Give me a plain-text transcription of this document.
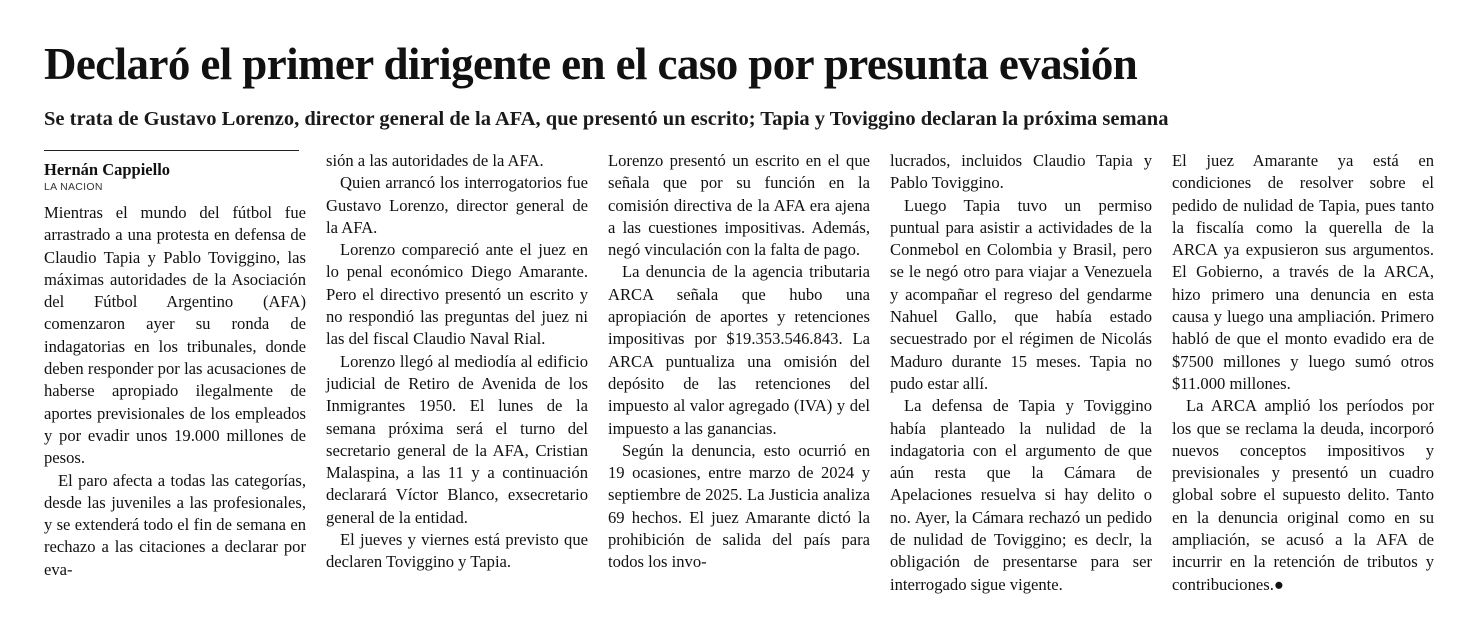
Declaró el primer dirigente en el caso por presunta evasión
Se trata de Gustavo Lorenzo, director general de la AFA, que presentó un escrito; Tapia y Toviggino declaran la próxima semana
Hernán Cappiello
LA NACION

Mientras el mundo del fútbol fue arrastrado a una protesta en defensa de Claudio Tapia y Pablo Toviggino, las máximas autoridades de la Asociación del Fútbol Argentino (AFA) comenzaron ayer su ronda de indagatorias en los tribunales, donde deben responder por las acusaciones de haberse apropiado ilegalmente de aportes previsionales de los empleados y por evadir unos 19.000 millones de pesos.

El paro afecta a todas las categorías, desde las juveniles a las profesionales, y se extenderá todo el fin de semana en rechazo a las citaciones a declarar por eva-

sión a las autoridades de la AFA.

Quien arrancó los interrogatorios fue Gustavo Lorenzo, director general de la AFA.

Lorenzo compareció ante el juez en lo penal económico Diego Amarante. Pero el directivo presentó un escrito y no respondió las preguntas del juez ni las del fiscal Claudio Naval Rial.

Lorenzo llegó al mediodía al edificio judicial de Retiro de Avenida de los Inmigrantes 1950. El lunes de la semana próxima será el turno del secretario general de la AFA, Cristian Malaspina, a las 11 y a continuación declarará Víctor Blanco, exsecretario general de la entidad.

El jueves y viernes está previsto que declaren Toviggino y Tapia.

Lorenzo presentó un escrito en el que señala que por su función en la comisión directiva de la AFA era ajena a las cuestiones impositivas. Además, negó vinculación con la falta de pago.

La denuncia de la agencia tributaria ARCA señala que hubo una apropiación de aportes y retenciones impositivas por $19.353.546.843. La ARCA puntualiza una omisión del depósito de las retenciones del impuesto al valor agregado (IVA) y del impuesto a las ganancias.

Según la denuncia, esto ocurrió en 19 ocasiones, entre marzo de 2024 y septiembre de 2025. La Justicia analiza 69 hechos. El juez Amarante dictó la prohibición de salida del país para todos los invo-

lucrados, incluidos Claudio Tapia y Pablo Toviggino.

Luego Tapia tuvo un permiso puntual para asistir a actividades de la Conmebol en Colombia y Brasil, pero se le negó otro para viajar a Venezuela y acompañar el regreso del gendarme Nahuel Gallo, que había estado secuestrado por el régimen de Nicolás Maduro durante 15 meses. Tapia no pudo estar allí.

La defensa de Tapia y Toviggino había planteado la nulidad de la indagatoria con el argumento de que aún resta que la Cámara de Apelaciones resuelva si hay delito o no. Ayer, la Cámara rechazó un pedido de nulidad de Toviggino; es declr, la obligación de presentarse para ser interrogado sigue vigente.

El juez Amarante ya está en condiciones de resolver sobre el pedido de nulidad de Tapia, pues tanto la fiscalía como la querella de la ARCA ya expusieron sus argumentos. El Gobierno, a través de la ARCA, hizo primero una denuncia en esta causa y luego una ampliación. Primero habló de que el monto evadido era de $7500 millones y luego sumó otros $11.000 millones.

La ARCA amplió los períodos por los que se reclama la deuda, incorporó nuevos conceptos impositivos y previsionales y presentó un cuadro global sobre el supuesto delito. Tanto en la denuncia original como en su ampliación, se acusó a la AFA de incurrir en la retención de tributos y contribuciones.●
